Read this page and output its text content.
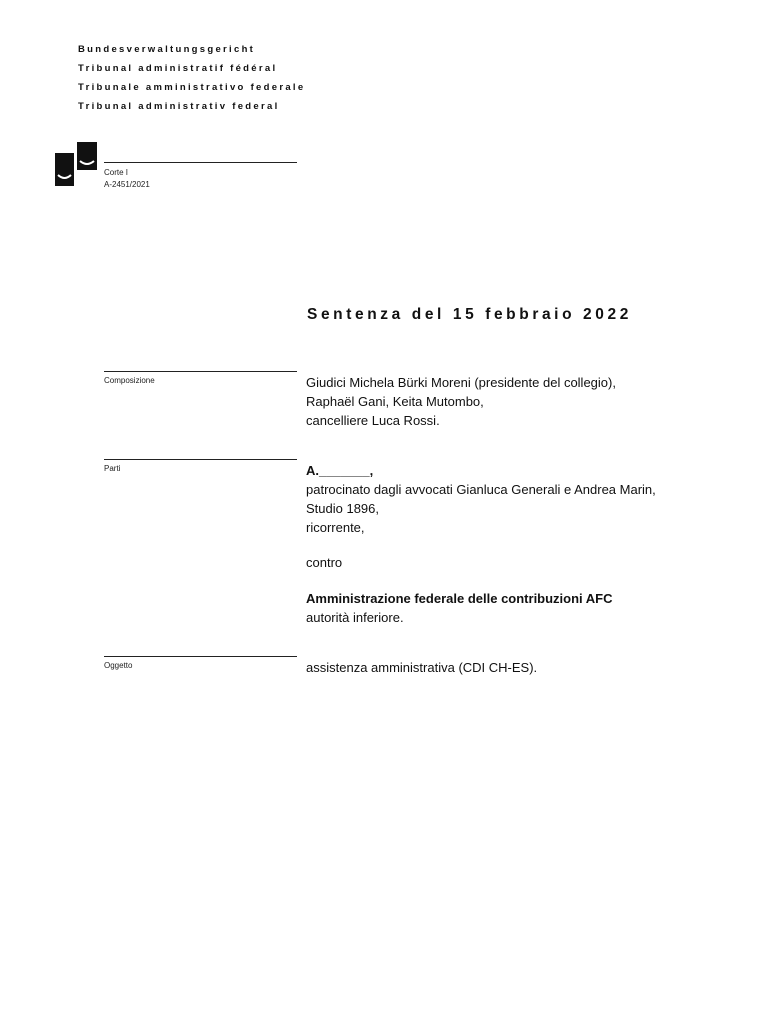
Bundesverwaltungsgericht
Tribunal administratif fédéral
Tribunale amministrativo federale
Tribunal administrativ federal
Corte I
A-2451/2021
Sentenza del 15 febbraio 2022
Composizione	Giudici Michela Bürki Moreni (presidente del collegio),
Raphaël Gani, Keita Mutombo,
cancelliere Luca Rossi.
Parti	A._______,
patrocinato dagli avvocati Gianluca Generali e Andrea Marin,
Studio 1896,
ricorrente,
contro
Amministrazione federale delle contribuzioni AFC
autorità inferiore.
Oggetto	assistenza amministrativa (CDI CH-ES).
